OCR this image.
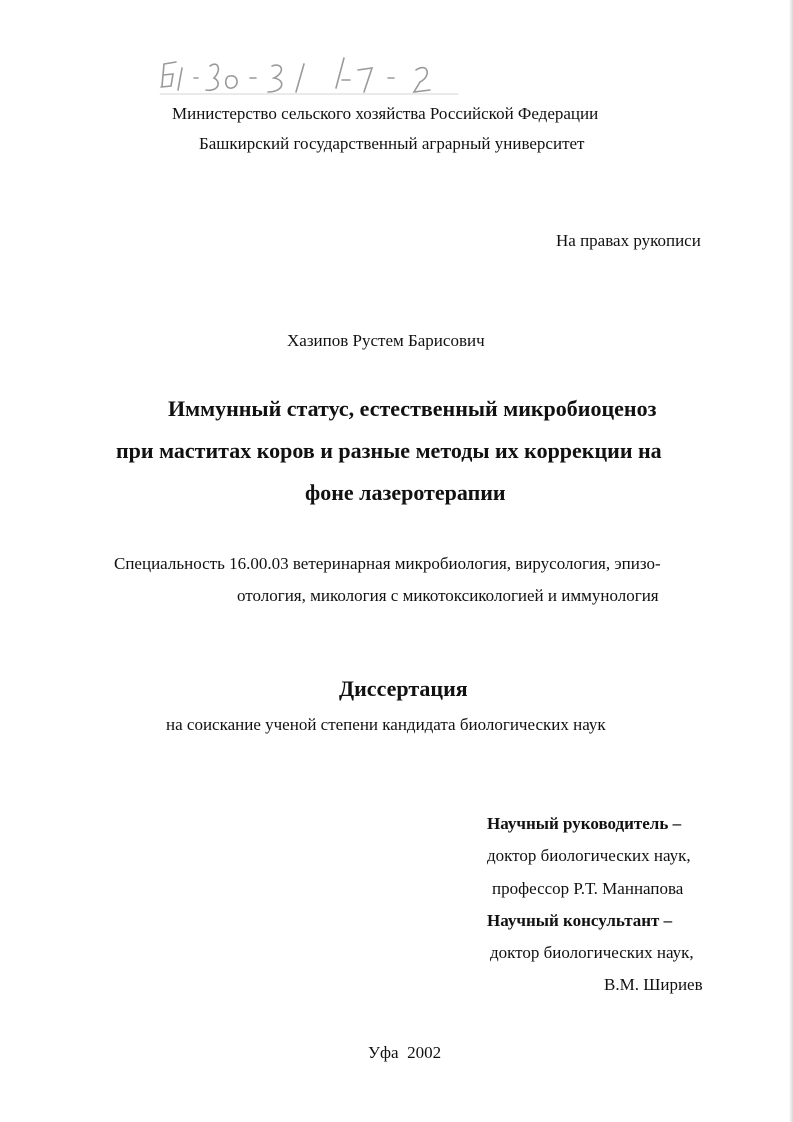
Министерство сельского хозяйства Российской Федерации
Башкирский государственный аграрный университет
На правах рукописи
Хазипов Рустем Барисович
Иммунный статус, естественный микробиоценоз
при маститах коров и разные методы их коррекции на
фоне лазеротерапии
Специальность 16.00.03 ветеринарная микробиология, вирусология, эпизо-
отология, микология с микотоксикологией и иммунология
Диссертация
на соискание ученой степени кандидата биологических наук
Научный руководитель –
доктор биологических наук,
профессор Р.Т. Маннапова
Научный консультант –
доктор биологических наук,
В.М. Шириев
Уфа  2002
